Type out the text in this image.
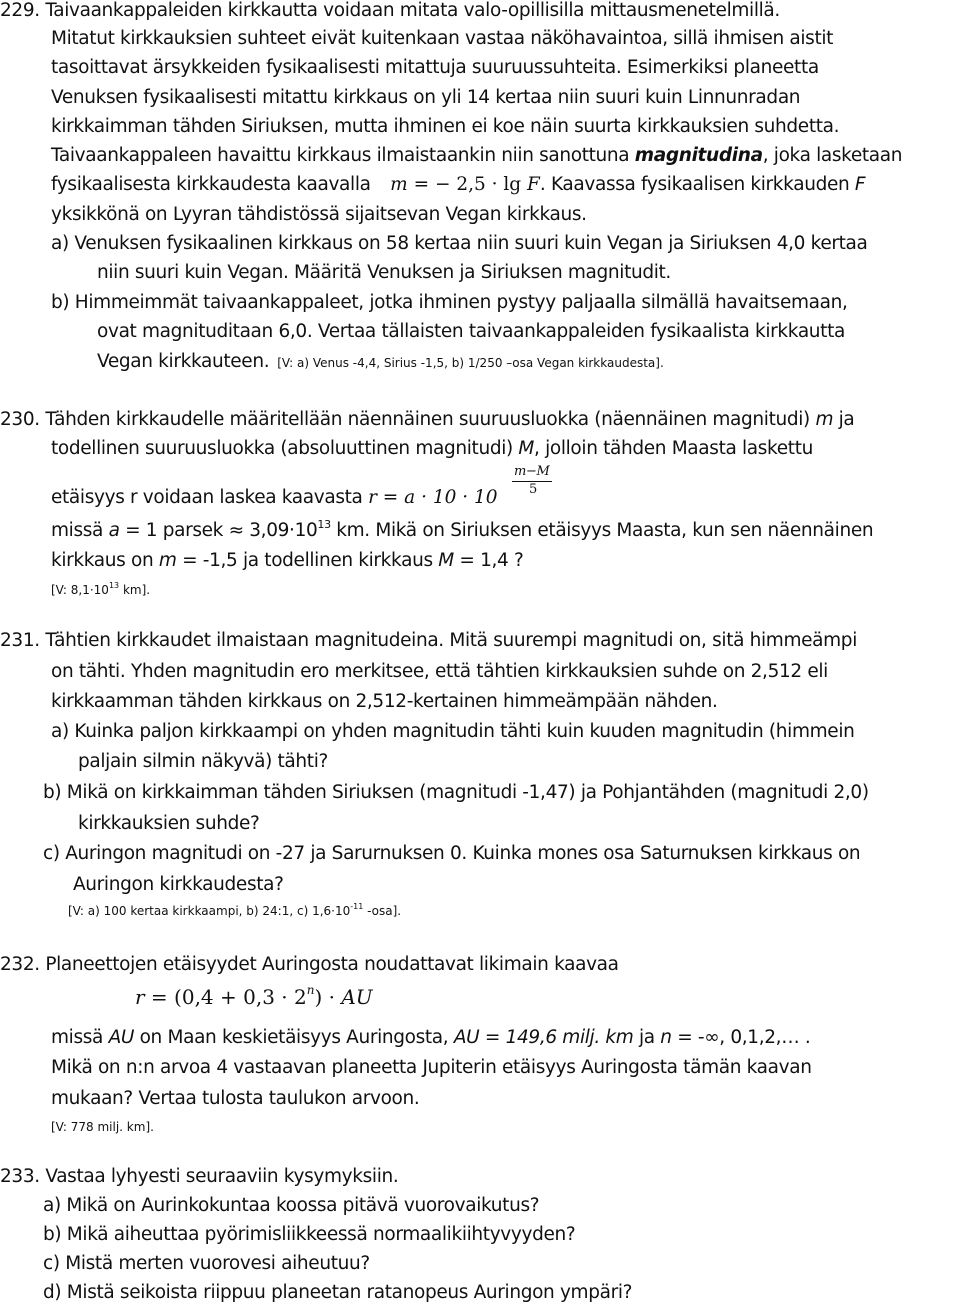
229. Taivaankappaleiden kirkkautta voidaan mitata valo-opillisilla mittausmenetelmillä.
Mitatut kirkkauksien suhteet eivät kuitenkaan vastaa näköhavaintoa, sillä ihmisen aistit
tasoittavat ärsykkeiden fysikaalisesti mitattuja suuruussuhteita. Esimerkiksi planeetta
Venuksen fysikaalisesti mitattu kirkkaus on yli 14 kertaa niin suuri kuin Linnunradan
kirkkaimman tähden Siriuksen, mutta ihminen ei koe näin suurta kirkkauksien suhdetta.
Taivaankappaleen havaittu kirkkaus ilmaistaankin niin sanottuna magnitudina, joka lasketaan
fysikaalisesta kirkkaudesta kaavalla m = − 2,5 · lg F. Kaavassa fysikaalisen kirkkauden F
yksikkönä on Lyyran tähdistössä sijaitsevan Vegan kirkkaus.
a) Venuksen fysikaalinen kirkkaus on 58 kertaa niin suuri kuin Vegan ja Siriuksen 4,0 kertaa
niin suuri kuin Vegan. Määritä Venuksen ja Siriuksen magnitudit.
b) Himmeimmät taivaankappaleet, jotka ihminen pystyy paljaalla silmällä havaitsemaan,
ovat magnituditaan 6,0. Vertaa tällaisten taivaankappaleiden fysikaalista kirkkautta
Vegan kirkkauteen. [V: a) Venus -4,4, Sirius -1,5, b) 1/250 –osa Vegan kirkkaudesta].
230. Tähden kirkkaudelle määritellään näennäinen suuruusluokka (näennäinen magnitudi) m ja
todellinen suuruusluokka (absoluuttinen magnitudi) M, jolloin tähden Maasta laskettu
m−M
5
etäisyys r voidaan laskea kaavasta r = a · 10 · 10
missä a = 1 parsek ≈ $3,09\cdot 10^{13}$ km. Mikä on Siriuksen etäisyys Maasta, kun sen näennäinen
kirkkaus on m = -1,5 ja todellinen kirkkaus M = 1,4 ?
[V: $8,1\cdot 10^{13}$ km].
231. Tähtien kirkkaudet ilmaistaan magnitudeina. Mitä suurempi magnitudi on, sitä himmeämpi
on tähti. Yhden magnitudin ero merkitsee, että tähtien kirkkauksien suhde on 2,512 eli
kirkkaamman tähden kirkkaus on 2,512-kertainen himmeämpään nähden.
a) Kuinka paljon kirkkaampi on yhden magnitudin tähti kuin kuuden magnitudin (himmein
paljain silmin näkyvä) tähti?
b) Mikä on kirkkaimman tähden Siriuksen (magnitudi -1,47) ja Pohjantähden (magnitudi 2,0)
kirkkauksien suhde?
c) Auringon magnitudi on -27 ja Sarurnuksen 0. Kuinka mones osa Saturnuksen kirkkaus on
Auringon kirkkaudesta?
[V: a) 100 kertaa kirkkaampi, b) 24:1, c) $1,6\cdot 10^{-11}$ -osa].
232. Planeettojen etäisyydet Auringosta noudattavat likimain kaavaa
$r = (0,4 + 0,3 \cdot 2^n)$ · AU
missä AU on Maan keskietäisyys Auringosta, AU = 149,6 milj. km ja n = -∞, 0,1,2,… .
Mikä on n:n arvoa 4 vastaavan planeetta Jupiterin etäisyys Auringosta tämän kaavan
mukaan? Vertaa tulosta taulukon arvoon.
[V: 778 milj. km].
233. Vastaa lyhyesti seuraaviin kysymyksiin.
a) Mikä on Aurinkokuntaa koossa pitävä vuorovaikutus?
b) Mikä aiheuttaa pyörimisliikkeessä normaalikiihtyvyyden?
c) Mistä merten vuorovesi aiheutuu?
d) Mistä seikoista riippuu planeetan ratanopeus Auringon ympäri?
